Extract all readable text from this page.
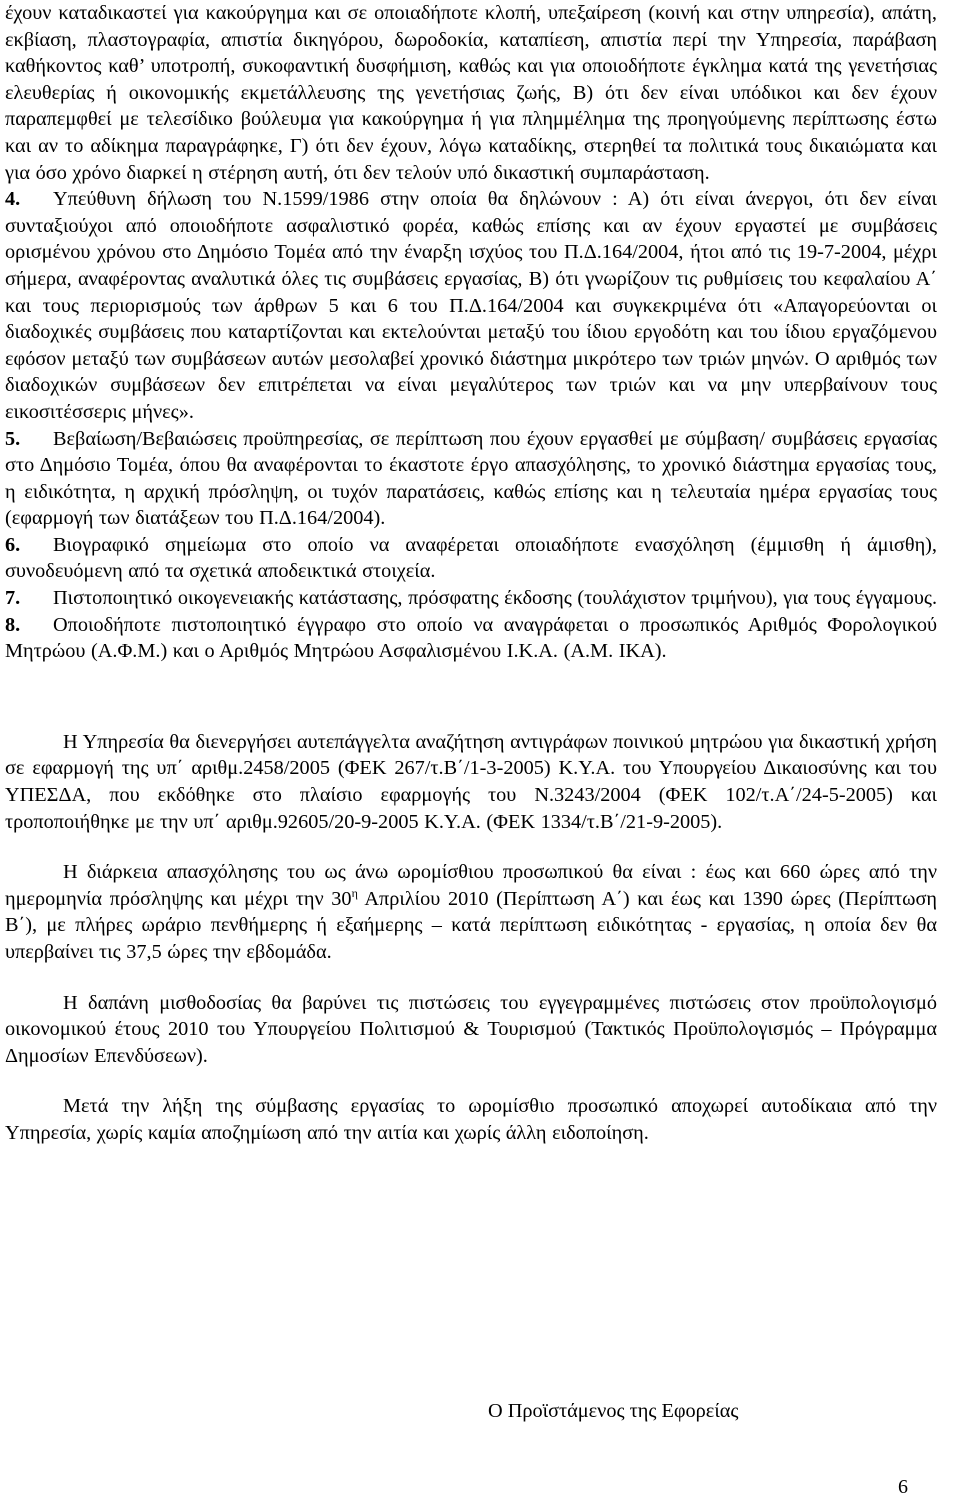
έχουν καταδικαστεί για κακούργημα και σε οποιαδήποτε κλοπή, υπεξαίρεση (κοινή και στην υπηρεσία), απάτη, εκβίαση, πλαστογραφία, απιστία δικηγόρου, δωροδοκία, καταπίεση, απιστία περί την Υπηρεσία, παράβαση καθήκοντος καθ’ υποτροπή, συκοφαντική δυσφήμιση, καθώς και για οποιοδήποτε έγκλημα κατά της γενετήσιας ελευθερίας ή οικονομικής εκμετάλλευσης της γενετήσιας ζωής, Β) ότι δεν είναι υπόδικοι και δεν έχουν παραπεμφθεί με τελεσίδικο βούλευμα για κακούργημα ή για πλημμέλημα της προηγούμενης περίπτωσης έστω και αν το αδίκημα παραγράφηκε, Γ) ότι δεν έχουν, λόγω καταδίκης, στερηθεί τα πολιτικά τους δικαιώματα και για όσο χρόνο διαρκεί η στέρηση αυτή, ότι δεν τελούν υπό δικαστική συμπαράσταση.

4. Υπεύθυνη δήλωση του Ν.1599/1986 στην οποία θα δηλώνουν : Α) ότι είναι άνεργοι, ότι δεν είναι συνταξιούχοι από οποιοδήποτε ασφαλιστικό φορέα, καθώς επίσης και αν έχουν εργαστεί με συμβάσεις ορισμένου χρόνου στο Δημόσιο Τομέα από την έναρξη ισχύος του Π.Δ.164/2004, ήτοι από τις 19-7-2004, μέχρι σήμερα, αναφέροντας αναλυτικά όλες τις συμβάσεις εργασίας, Β) ότι γνωρίζουν τις ρυθμίσεις του κεφαλαίου Α΄ και τους περιορισμούς των άρθρων 5 και 6 του Π.Δ.164/2004 και συγκεκριμένα ότι «Απαγορεύονται οι διαδοχικές συμβάσεις που καταρτίζονται και εκτελούνται μεταξύ του ίδιου εργοδότη και του ίδιου εργαζόμενου εφόσον μεταξύ των συμβάσεων αυτών μεσολαβεί χρονικό διάστημα μικρότερο των τριών μηνών. Ο αριθμός των διαδοχικών συμβάσεων δεν επιτρέπεται να είναι μεγαλύτερος των τριών και να μην υπερβαίνουν τους εικοσιτέσσερις μήνες».

5. Βεβαίωση/Βεβαιώσεις προϋπηρεσίας, σε περίπτωση που έχουν εργασθεί με σύμβαση/ συμβάσεις εργασίας στο Δημόσιο Τομέα, όπου θα αναφέρονται το έκαστοτε έργο απασχόλησης, το χρονικό διάστημα εργασίας τους, η ειδικότητα, η αρχική πρόσληψη, οι τυχόν παρατάσεις, καθώς επίσης και η τελευταία ημέρα εργασίας τους (εφαρμογή των διατάξεων του Π.Δ.164/2004).

6. Βιογραφικό σημείωμα στο οποίο να αναφέρεται οποιαδήποτε ενασχόληση (έμμισθη ή άμισθη), συνοδευόμενη από τα σχετικά αποδεικτικά στοιχεία.

7. Πιστοποιητικό οικογενειακής κατάστασης, πρόσφατης έκδοσης (τουλάχιστον τριμήνου), για τους έγγαμους.

8. Οποιοδήποτε πιστοποιητικό έγγραφο στο οποίο να αναγράφεται ο προσωπικός Αριθμός Φορολογικού Μητρώου (Α.Φ.Μ.) και ο Αριθμός Μητρώου Ασφαλισμένου Ι.Κ.Α. (Α.Μ. ΙΚΑ).

Η Υπηρεσία θα διενεργήσει αυτεπάγγελτα αναζήτηση αντιγράφων ποινικού μητρώου για δικαστική χρήση σε εφαρμογή της υπ΄ αριθμ.2458/2005 (ΦΕΚ 267/τ.Β΄/1-3-2005) Κ.Υ.Α. του Υπουργείου Δικαιοσύνης και του ΥΠΕΣΔΑ, που εκδόθηκε στο πλαίσιο εφαρμογής του Ν.3243/2004 (ΦΕΚ 102/τ.Α΄/24-5-2005) και τροποποιήθηκε με την υπ΄ αριθμ.92605/20-9-2005 Κ.Υ.Α. (ΦΕΚ 1334/τ.Β΄/21-9-2005).

Η διάρκεια απασχόλησης του ως άνω ωρομίσθιου προσωπικού θα είναι : έως και 660 ώρες από την ημερομηνία πρόσληψης και μέχρι την $30^\eta$ Απριλίου 2010 (Περίπτωση Α΄) και έως και 1390 ώρες (Περίπτωση Β΄), με πλήρες ωράριο πενθήμερης ή εξαήμερης – κατά περίπτωση ειδικότητας - εργασίας, η οποία δεν θα υπερβαίνει τις 37,5 ώρες την εβδομάδα.

Η δαπάνη μισθοδοσίας θα βαρύνει τις πιστώσεις του εγγεγραμμένες πιστώσεις στον προϋπολογισμό οικονομικού έτους 2010 του Υπουργείου Πολιτισμού & Τουρισμού (Τακτικός Προϋπολογισμός – Πρόγραμμα Δημοσίων Επενδύσεων).

Μετά την λήξη της σύμβασης εργασίας το ωρομίσθιο προσωπικό αποχωρεί αυτοδίκαια από την Υπηρεσία, χωρίς καμία αποζημίωση από την αιτία και χωρίς άλλη ειδοποίηση.

Ο Προϊστάμενος της Εφορείας
6
